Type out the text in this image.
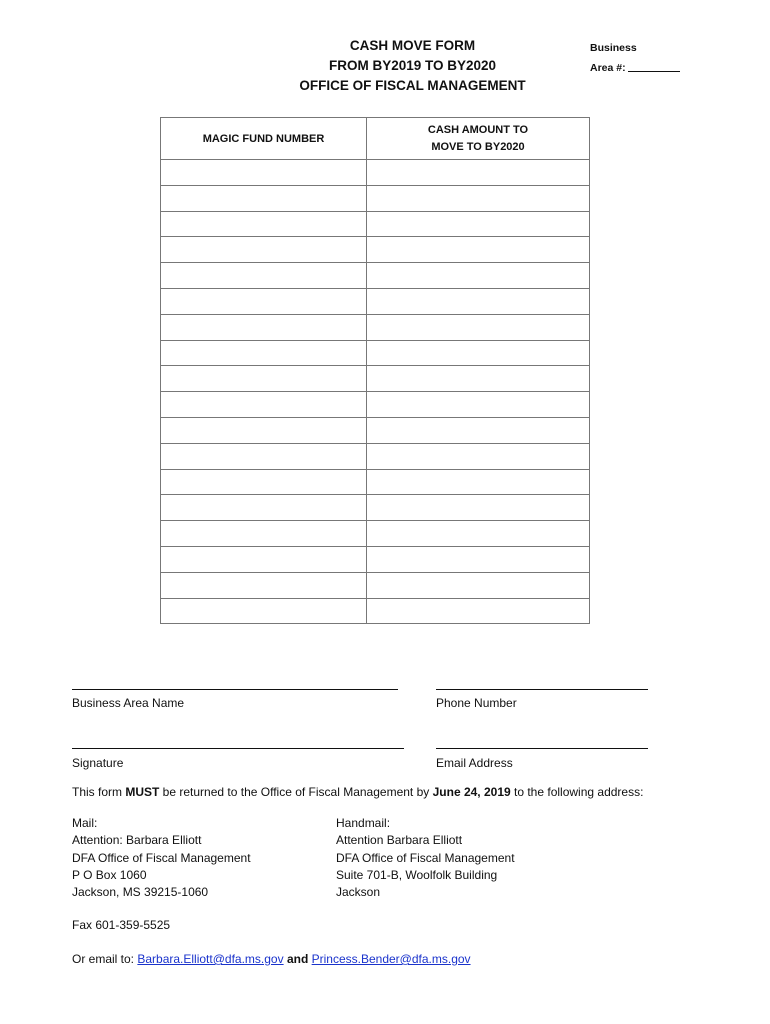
CASH MOVE FORM
FROM BY2019 TO BY2020
OFFICE OF FISCAL MANAGEMENT
Business
Area #:
MAGIC FUND NUMBER	CASH AMOUNT TO
MOVE TO BY2020

Business Area Name	Phone Number
Signature	Email Address
This form MUST be returned to the Office of Fiscal Management by June 24, 2019 to the following address:
Mail:
Attention: Barbara Elliott
DFA Office of Fiscal Management
P O Box 1060
Jackson, MS 39215-1060
Handmail:
Attention Barbara Elliott
DFA Office of Fiscal Management
Suite 701-B, Woolfolk Building
Jackson
Fax 601-359-5525
Or email to: Barbara.Elliott@dfa.ms.gov and Princess.Bender@dfa.ms.gov
